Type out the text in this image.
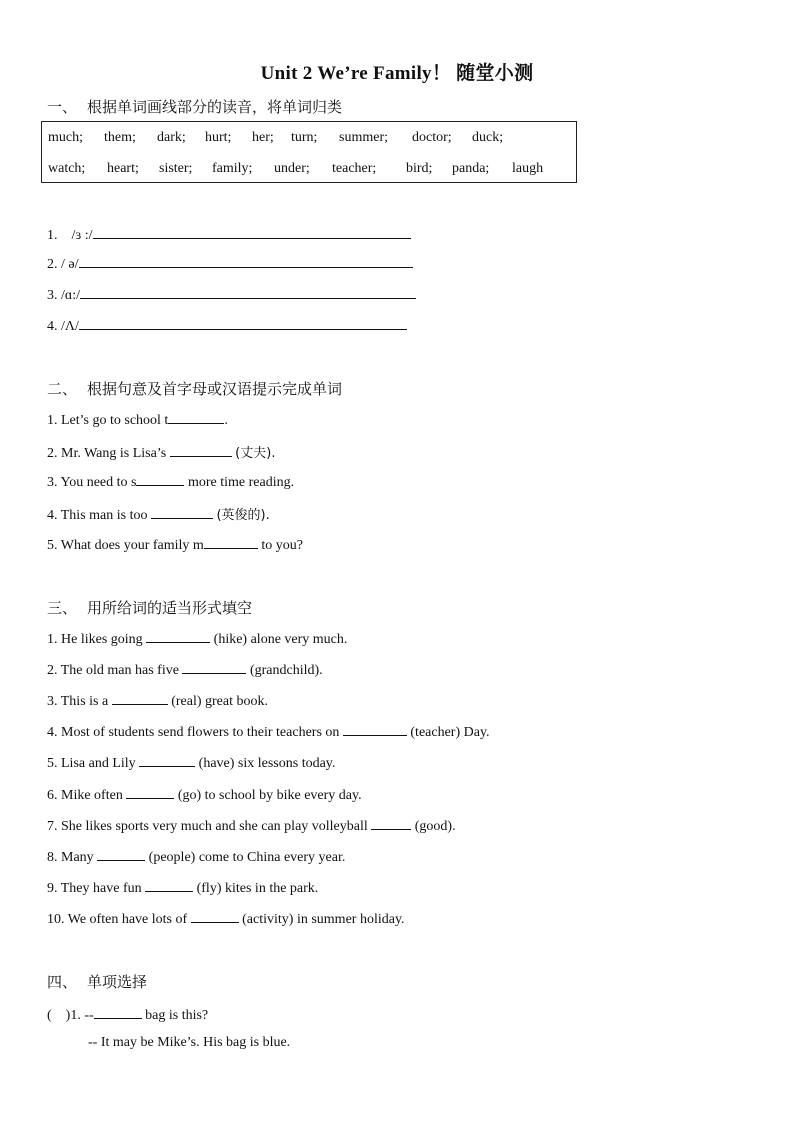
Unit 2 We’re Family！ 随堂小测
一、 根据单词画线部分的读音，将单词归类
much; them; dark; hurt; her; turn; summer; doctor; duck;
watch; heart; sister; family; under; teacher; bird; panda; laugh
1.　/ɜ :/
2. / ə/
3. /ɑ:/
4. /Λ/
二、 根据句意及首字母或汉语提示完成单词
1. Let’s go to school t	.
2. Mr. Wang is Lisa’s	(丈夫).
3. You need to s	more time reading.
4. This man is too	(英俊的).
5. What does your family m	to you?
三、 用所给词的适当形式填空
1. He likes going	(hike) alone very much.
2. The old man has five	(grandchild).
3. This is a	(real) great book.
4. Most of students send flowers to their teachers on	(teacher) Day.
5. Lisa and Lily	(have) six lessons today.
6. Mike often	(go) to school by bike every day.
7. She likes sports very much and she can play volleyball	(good).
8. Many	(people) come to China every year.
9. They have fun	(fly) kites in the park.
10. We often have lots of	(activity) in summer holiday.
四、 单项选择
(　)1. --	bag is this?
-- It may be Mike’s. His bag is blue.
